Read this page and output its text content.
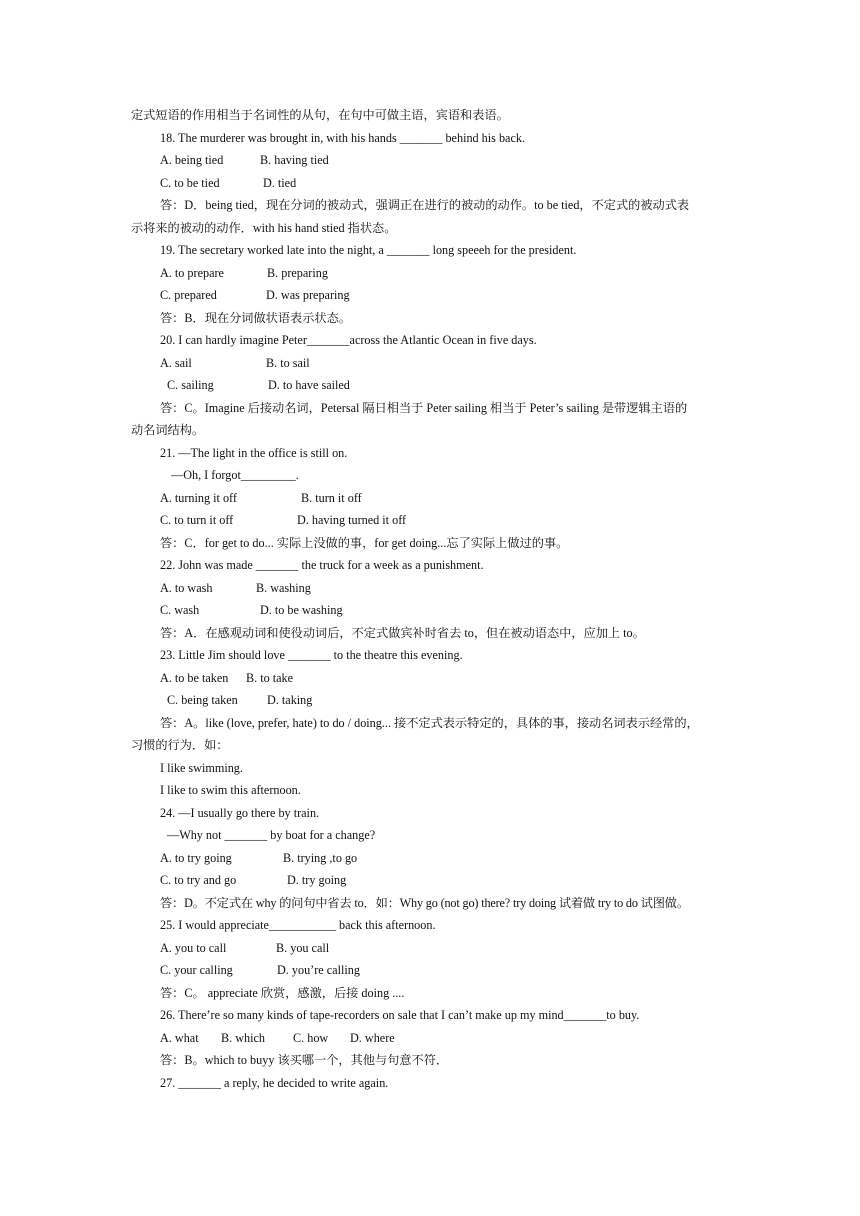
定式短语的作用相当于名词性的从句，在句中可做主语，宾语和表语。
18. The murderer was brought in, with his hands _______ behind his back.
A. being tied	B. having tied
C. to be tied	D. tied
答：D．being tied，现在分词的被动式，强调正在进行的被动的动作。to be tied，不定式的被动式表
示将来的被动的动作．with his hand stied 指状态。
19. The secretary worked late into the night, a _______ long speeeh for the president.
A. to prepare	B. preparing
C. prepared	D. was preparing
答：B．现在分词做状语表示状态。
20. I can hardly imagine Peter_______across the Atlantic Ocean in five days.
A. sail	B. to sail
C. sailing	D. to have sailed
答：C。Imagine 后接动名词，Petersal 隔日相当于 Peter sailing 相当于 Peter’s sailing 是带逻辑主语的
动名词结构。
21. —The light in the office is still on.
—Oh, I forgot_________.
A. turning it off	B. turn it off
C. to turn it off	D. having turned it off
答：C．for get to do... 实际上没做的事，for get doing...忘了实际上做过的事。
22. John was made _______ the truck for a week as a punishment.
A. to wash	B. washing
C. wash	D. to be washing
答：A．在感观动词和使役动词后，不定式做宾补时省去 to，但在被动语态中，应加上 to。
23. Little Jim should love _______ to the theatre this evening.
A. to be taken B. to take
C. being taken D. taking
答：A。like (love, prefer, hate) to do / doing... 接不定式表示特定的，具体的事，接动名词表示经常的，
习惯的行为．如：
I like swimming.
I like to swim this afternoon.
24. —I usually go there by train.
—Why not _______ by boat for a change?
A. to try going	B. trying ,to go
C. to try and go	D. try going
答：D。不定式在 why 的问句中省去 to．如：Why go (not go) there? try doing 试着做 try to do 试图做。
25. I would appreciate___________ back this afternoon.
A. you to call	B. you call
C. your calling	D. you’re calling
答：C。 appreciate 欣赏，感激，后接 doing ....
26. There’re so many kinds of tape-recorders on sale that I can’t make up my mind_______to buy.
A. what B. which C. how D. where
答：B。which to buyy 该买哪一个，其他与句意不符．
27. _______ a reply, he decided to write again.
